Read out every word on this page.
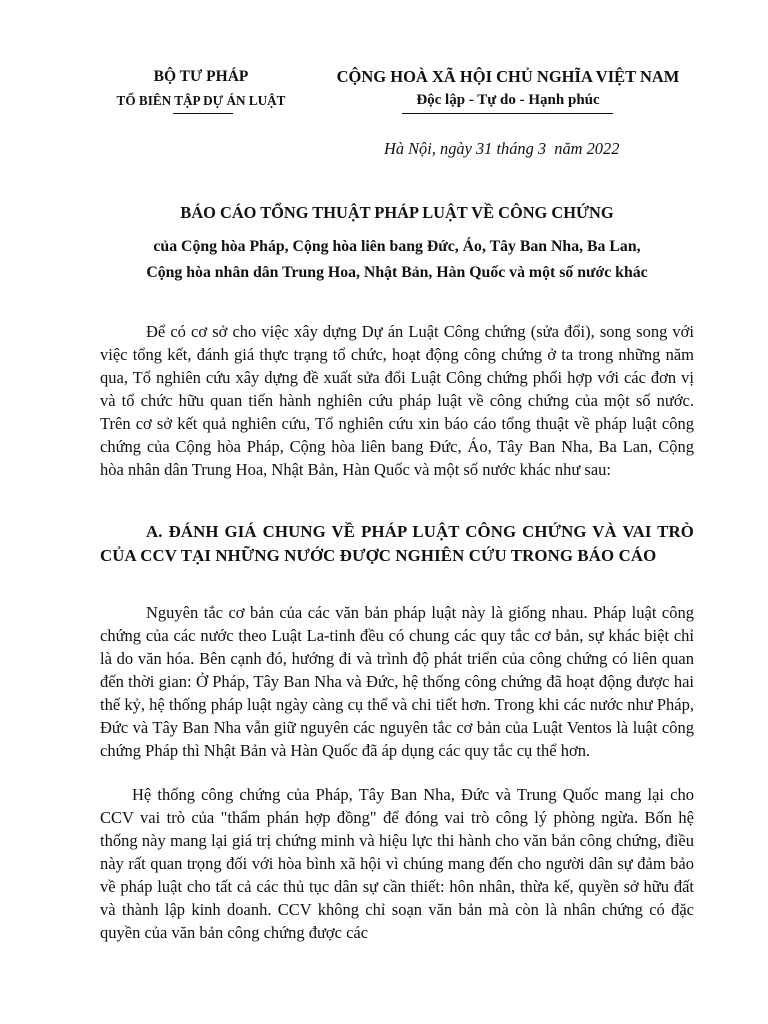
BỘ TƯ PHÁP
TỔ BIÊN TẬP DỰ ÁN LUẬT
CỘNG HOÀ XÃ HỘI CHỦ NGHĨA VIỆT NAM
Độc lập - Tự do - Hạnh phúc
Hà Nội, ngày 31 tháng 3  năm 2022
BÁO CÁO TỔNG THUẬT PHÁP LUẬT VỀ CÔNG CHỨNG
của Cộng hòa Pháp, Cộng hòa liên bang Đức, Áo, Tây Ban Nha, Ba Lan,
Cộng hòa nhân dân Trung Hoa, Nhật Bản, Hàn Quốc và một số nước khác

Để có cơ sở cho việc xây dựng Dự án Luật Công chứng (sửa đổi), song song với việc tổng kết, đánh giá thực trạng tổ chức, hoạt động công chứng ở ta trong những năm qua, Tổ nghiên cứu xây dựng đề xuất sửa đổi Luật Công chứng phối hợp với các đơn vị và tổ chức hữu quan tiến hành nghiên cứu pháp luật về công chứng của một số nước. Trên cơ sở kết quả nghiên cứu, Tổ nghiên cứu xin báo cáo tổng thuật về pháp luật công chứng của Cộng hòa Pháp, Cộng hòa liên bang Đức, Áo, Tây Ban Nha, Ba Lan, Cộng hòa nhân dân Trung Hoa, Nhật Bản, Hàn Quốc và một số nước khác như sau:

A. ĐÁNH GIÁ CHUNG VỀ PHÁP LUẬT CÔNG CHỨNG VÀ VAI TRÒ CỦA CCV TẠI NHỮNG NƯỚC ĐƯỢC NGHIÊN CỨU TRONG BÁO CÁO

Nguyên tắc cơ bản của các văn bản pháp luật này là giống nhau. Pháp luật công chứng của các nước theo Luật La-tinh đều có chung các quy tắc cơ bản, sự khác biệt chỉ là do văn hóa. Bên cạnh đó, hướng đi và trình độ phát triển của công chứng có liên quan đến thời gian: Ở Pháp, Tây Ban Nha và Đức, hệ thống công chứng đã hoạt động được hai thế kỷ, hệ thống pháp luật ngày càng cụ thể và chi tiết hơn. Trong khi các nước như Pháp, Đức và Tây Ban Nha vẫn giữ nguyên các nguyên tắc cơ bản của Luật Ventos là luật công chứng Pháp thì Nhật Bản và Hàn Quốc đã áp dụng các quy tắc cụ thể hơn.

Hệ thống công chứng của Pháp, Tây Ban Nha, Đức và Trung Quốc mang lại cho CCV vai trò của "thẩm phán hợp đồng" để đóng vai trò công lý phòng ngừa. Bốn hệ thống này mang lại giá trị chứng minh và hiệu lực thi hành cho văn bản công chứng, điều này rất quan trọng đối với hòa bình xã hội vì chúng mang đến cho người dân sự đảm bảo về pháp luật cho tất cả các thủ tục dân sự cần thiết: hôn nhân, thừa kế, quyền sở hữu đất và thành lập kinh doanh. CCV không chỉ soạn văn bản mà còn là nhân chứng có đặc quyền của văn bản công chứng được các
